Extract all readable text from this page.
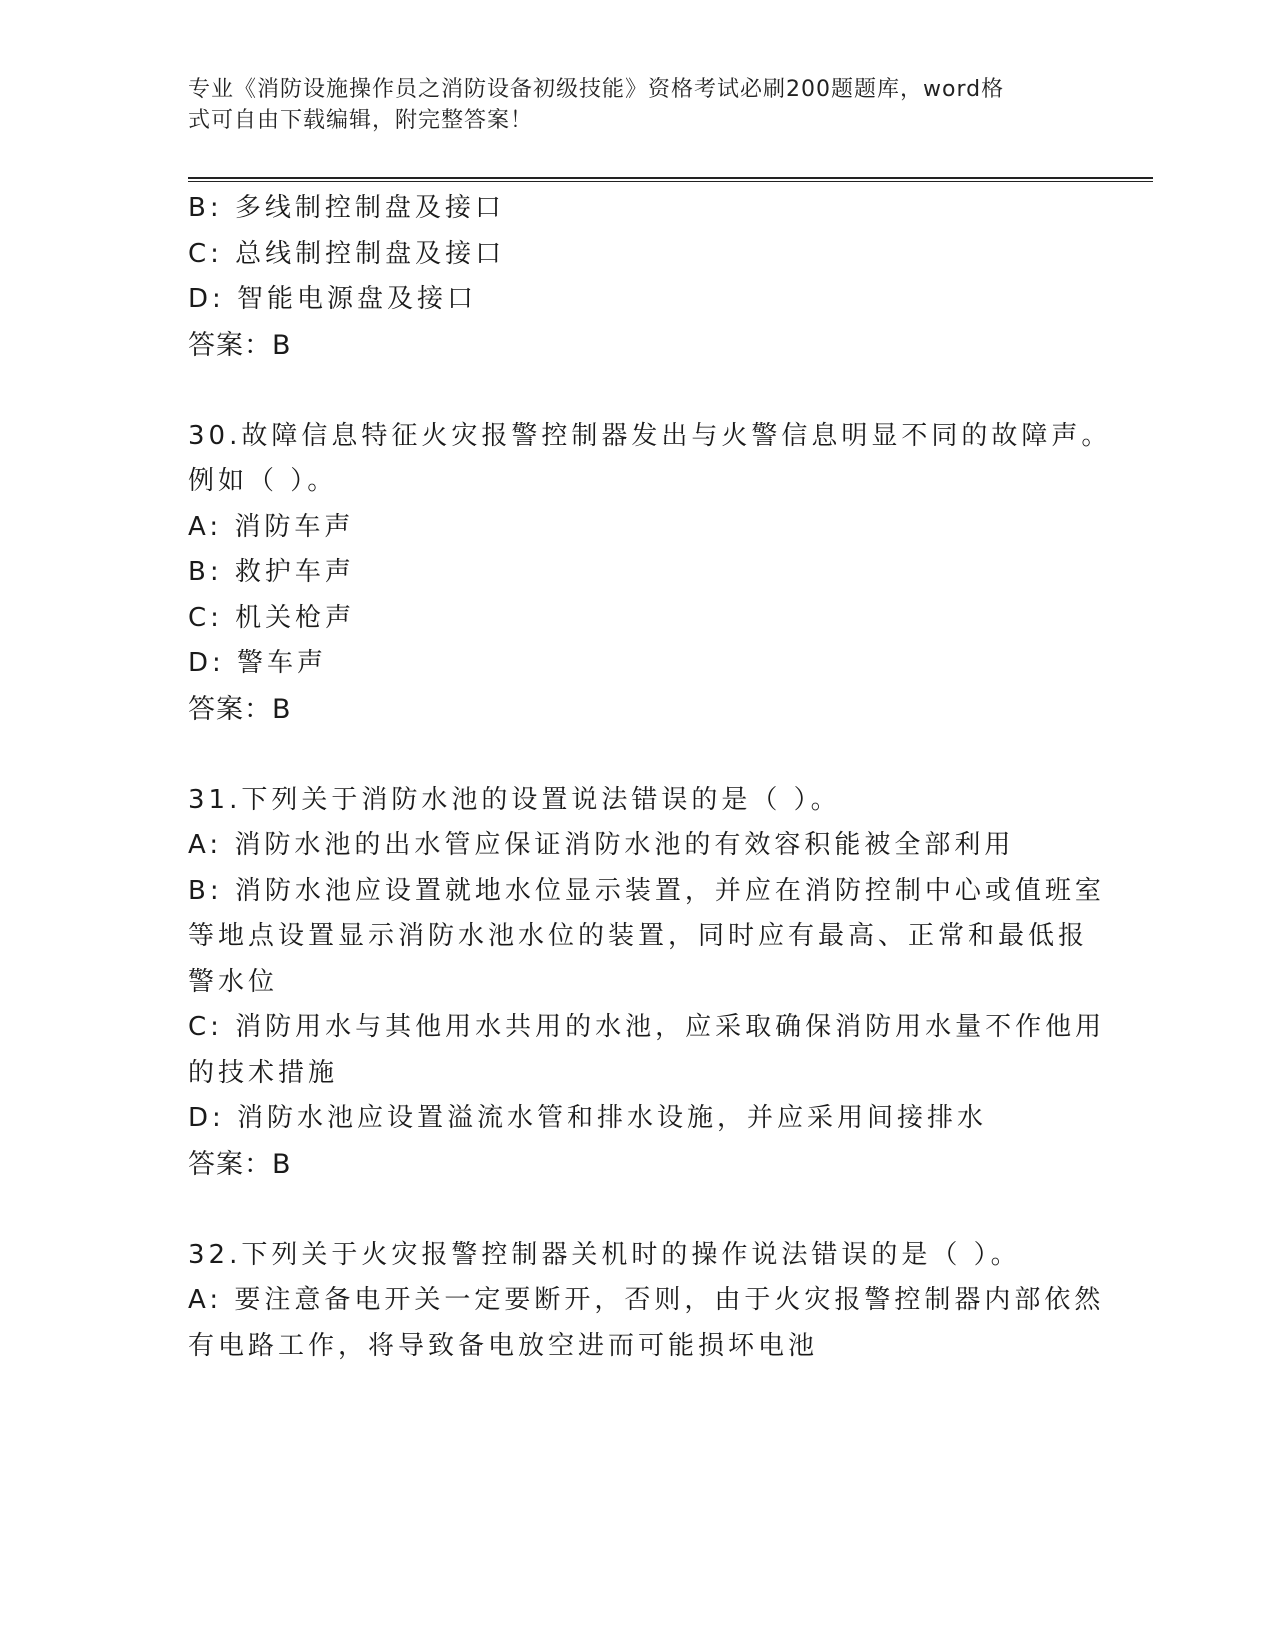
专业《消防设施操作员之消防设备初级技能》资格考试必刷200题题库，word格
式可自由下载编辑，附完整答案！
B: 多线制控制盘及接口
C: 总线制控制盘及接口
D: 智能电源盘及接口
答案：B
30.故障信息特征火灾报警控制器发出与火警信息明显不同的故障声。
例如（ ）。
A: 消防车声
B: 救护车声
C: 机关枪声
D: 警车声
答案：B
31.下列关于消防水池的设置说法错误的是（ ）。
A: 消防水池的出水管应保证消防水池的有效容积能被全部利用
B: 消防水池应设置就地水位显示装置，并应在消防控制中心或值班室
等地点设置显示消防水池水位的装置，同时应有最高、正常和最低报
警水位
C: 消防用水与其他用水共用的水池，应采取确保消防用水量不作他用
的技术措施
D: 消防水池应设置溢流水管和排水设施，并应采用间接排水
答案：B
32.下列关于火灾报警控制器关机时的操作说法错误的是（ ）。
A: 要注意备电开关一定要断开，否则，由于火灾报警控制器内部依然
有电路工作，将导致备电放空进而可能损坏电池
